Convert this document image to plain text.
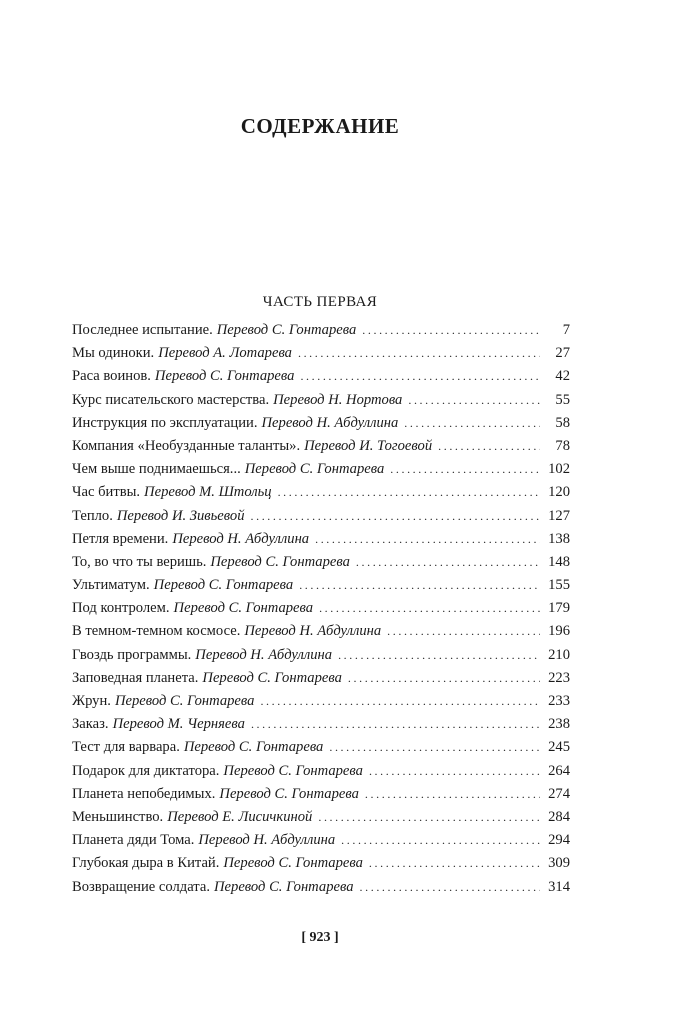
СОДЕРЖАНИЕ
ЧАСТЬ ПЕРВАЯ
Последнее испытание. Перевод С. Гонтарева .....	7
Мы одиноки. Перевод А. Лотарева .....	27
Раса воинов. Перевод С. Гонтарева .....	42
Курс писательского мастерства. Перевод Н. Нортова .....	55
Инструкция по эксплуатации. Перевод Н. Абдуллина .....	58
Компания «Необузданные таланты». Перевод И. Тогоевой .....	78
Чем выше поднимаешься... Перевод С. Гонтарева .....	102
Час битвы. Перевод М. Штольц .....	120
Тепло. Перевод И. Зивьевой .....	127
Петля времени. Перевод Н. Абдуллина .....	138
То, во что ты веришь. Перевод С. Гонтарева .....	148
Ультиматум. Перевод С. Гонтарева .....	155
Под контролем. Перевод С. Гонтарева .....	179
В темном-темном космосе. Перевод Н. Абдуллина .....	196
Гвоздь программы. Перевод Н. Абдуллина .....	210
Заповедная планета. Перевод С. Гонтарева .....	223
Жрун. Перевод С. Гонтарева .....	233
Заказ. Перевод М. Черняева .....	238
Тест для варвара. Перевод С. Гонтарева .....	245
Подарок для диктатора. Перевод С. Гонтарева .....	264
Планета непобедимых. Перевод С. Гонтарева .....	274
Меньшинство. Перевод Е. Лисичкиной .....	284
Планета дяди Тома. Перевод Н. Абдуллина .....	294
Глубокая дыра в Китай. Перевод С. Гонтарева .....	309
Возвращение солдата. Перевод С. Гонтарева .....	314
[ 923 ]
